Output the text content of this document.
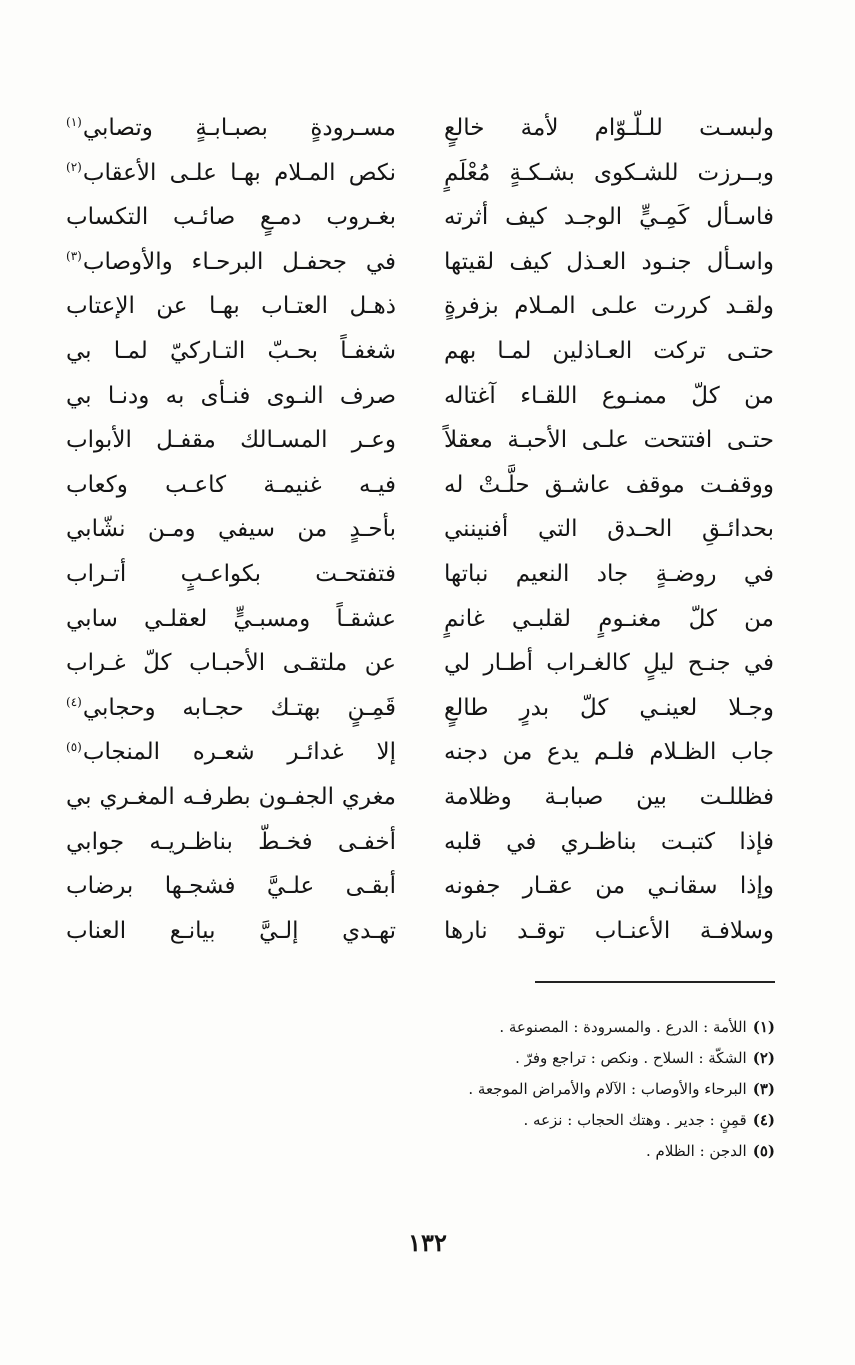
ولبسـت للـلّـوّام لأمة خالعٍ
مسـرودةٍ بصبـابـةٍ وتصابي$^{(١)}$
وبــرزت للشـكوى بشـكـةٍ مُعْلَمٍ
نكص المـلام بهـا علـى الأعقاب$^{(٢)}$
فاسـأل كَمِـيٍّ الوجـد كيف أثرته
بغـروب دمـعٍ صائـب التكساب
واسـأل جنـود العـذل كيف لقيتها
في جحفـل البرحـاء والأوصاب$^{(٣)}$
ولقـد كررت علـى المـلام بزفرةٍ
ذهـل العتـاب بهـا عن الإعتاب
حتـى تركت العـاذلين لمـا بهم
شغفـاً بحـبّ التـاركيّ لمـا بي
من كلّ ممنـوع اللقـاء آغتاله
صرف النـوى فنـأى به ودنـا بي
حتـى افتتحت علـى الأحبـة معقلاً
وعـر المسـالك مقفـل الأبواب
ووقفـت موقف عاشـق حلَّـتْ له
فيـه غنيمـة كاعـب وكعاب
بحدائـقِ الحـدق التي أفنينني
بأحـدٍ من سيفي ومـن نشّابي
في روضـةٍ جاد النعيم نباتها
فتفتحـت بكواعـبٍ أتـراب
من كلّ مغنـومٍ لقلبـي غانمٍ
عشقـاً ومسبـيٍّ لعقلـي سابي
في جنـح ليلٍ كالغـراب أطـار لي
عن ملتقـى الأحبـاب كلّ غـراب
وجـلا لعينـي كلّ بدرٍ طالعٍ
قَمِـنٍ بهتـك حجـابه وحجابي$^{(٤)}$
جاب الظـلام فلـم يدع من دجنه
إلا غدائـر شعـره المنجاب$^{(٥)}$
فظللـت بين صبابـة وظلامة
مغري الجفـون بطرفـه المغـري بي
فإذا كتبـت بناظـري في قلبه
أخفـى فخـطّ بناظـريـه جوابي
وإذا سقانـي من عقـار جفونه
أبقـى علـيَّ فشجـها برضاب
وسلافـة الأعنـاب توقـد نارها
تهـدي إلـيَّ بيانـع العناب
(١)اللأمة : الدرع . والمسرودة : المصنوعة .
(٢)الشكّة : السلاح . ونكص : تراجع وفرّ .
(٣)البرحاء والأوصاب : الآلام والأمراض الموجعة .
(٤)قمِنٍ : جدير . وهتك الحجاب : نزعه .
(٥)الدجن : الظلام .
١٣٢
